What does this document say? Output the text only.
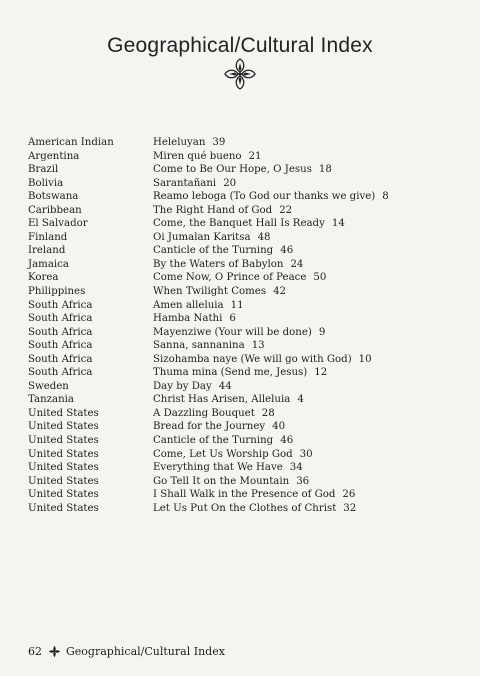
Geographical/Cultural Index
American Indian	Heleluyan 39
Argentina	Miren qué bueno 21
Brazil	Come to Be Our Hope, O Jesus 18
Bolivia	Sarantañani 20
Botswana	Reamo leboga (To God our thanks we give) 8
Caribbean	The Right Hand of God 22
El Salvador	Come, the Banquet Hall Is Ready 14
Finland	Oi Jumalan Karitsa 48
Ireland	Canticle of the Turning 46
Jamaica	By the Waters of Babylon 24
Korea	Come Now, O Prince of Peace 50
Philippines	When Twilight Comes 42
South Africa	Amen alleluia 11
South Africa	Hamba Nathi 6
South Africa	Mayenziwe (Your will be done) 9
South Africa	Sanna, sannanina 13
South Africa	Sizohamba naye (We will go with God) 10
South Africa	Thuma mina (Send me, Jesus) 12
Sweden	Day by Day 44
Tanzania	Christ Has Arisen, Alleluia 4
United States	A Dazzling Bouquet 28
United States	Bread for the Journey 40
United States	Canticle of the Turning 46
United States	Come, Let Us Worship God 30
United States	Everything that We Have 34
United States	Go Tell It on the Mountain 36
United States	I Shall Walk in the Presence of God 26
United States	Let Us Put On the Clothes of Christ 32
62 Geographical/Cultural Index
